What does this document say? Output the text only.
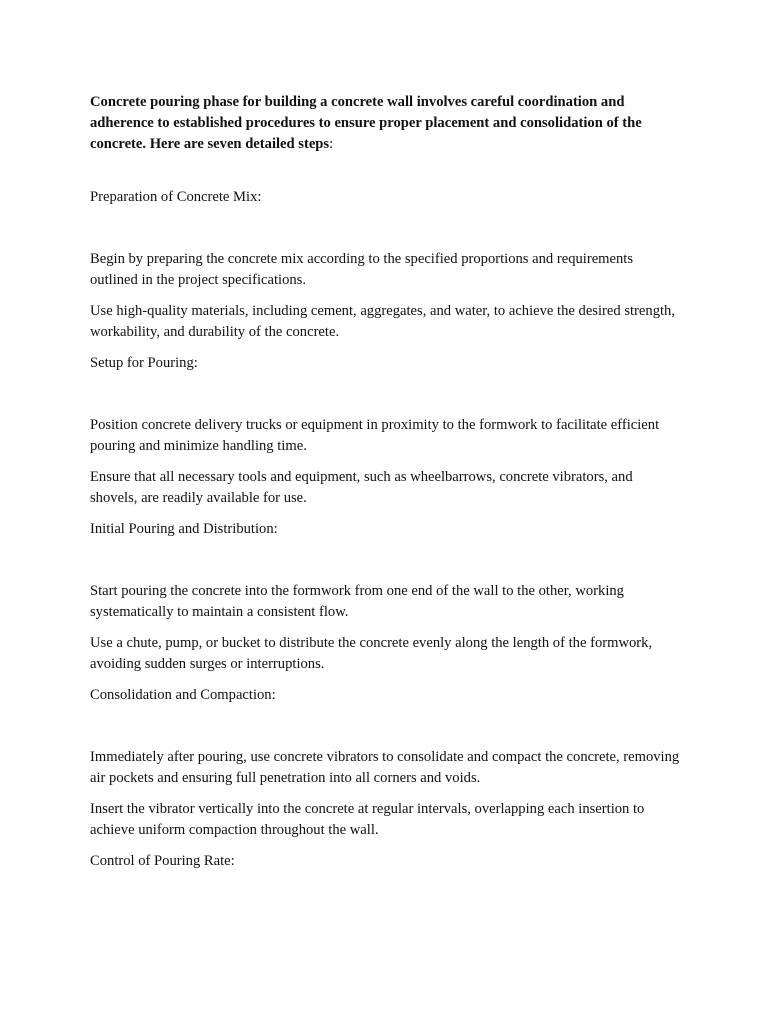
Concrete pouring phase for building a concrete wall involves careful coordination and adherence to established procedures to ensure proper placement and consolidation of the concrete. Here are seven detailed steps:

Preparation of Concrete Mix:

Begin by preparing the concrete mix according to the specified proportions and requirements outlined in the project specifications.

Use high-quality materials, including cement, aggregates, and water, to achieve the desired strength, workability, and durability of the concrete.

Setup for Pouring:

Position concrete delivery trucks or equipment in proximity to the formwork to facilitate efficient pouring and minimize handling time.

Ensure that all necessary tools and equipment, such as wheelbarrows, concrete vibrators, and shovels, are readily available for use.

Initial Pouring and Distribution:

Start pouring the concrete into the formwork from one end of the wall to the other, working systematically to maintain a consistent flow.

Use a chute, pump, or bucket to distribute the concrete evenly along the length of the formwork, avoiding sudden surges or interruptions.

Consolidation and Compaction:

Immediately after pouring, use concrete vibrators to consolidate and compact the concrete, removing air pockets and ensuring full penetration into all corners and voids.

Insert the vibrator vertically into the concrete at regular intervals, overlapping each insertion to achieve uniform compaction throughout the wall.

Control of Pouring Rate:
